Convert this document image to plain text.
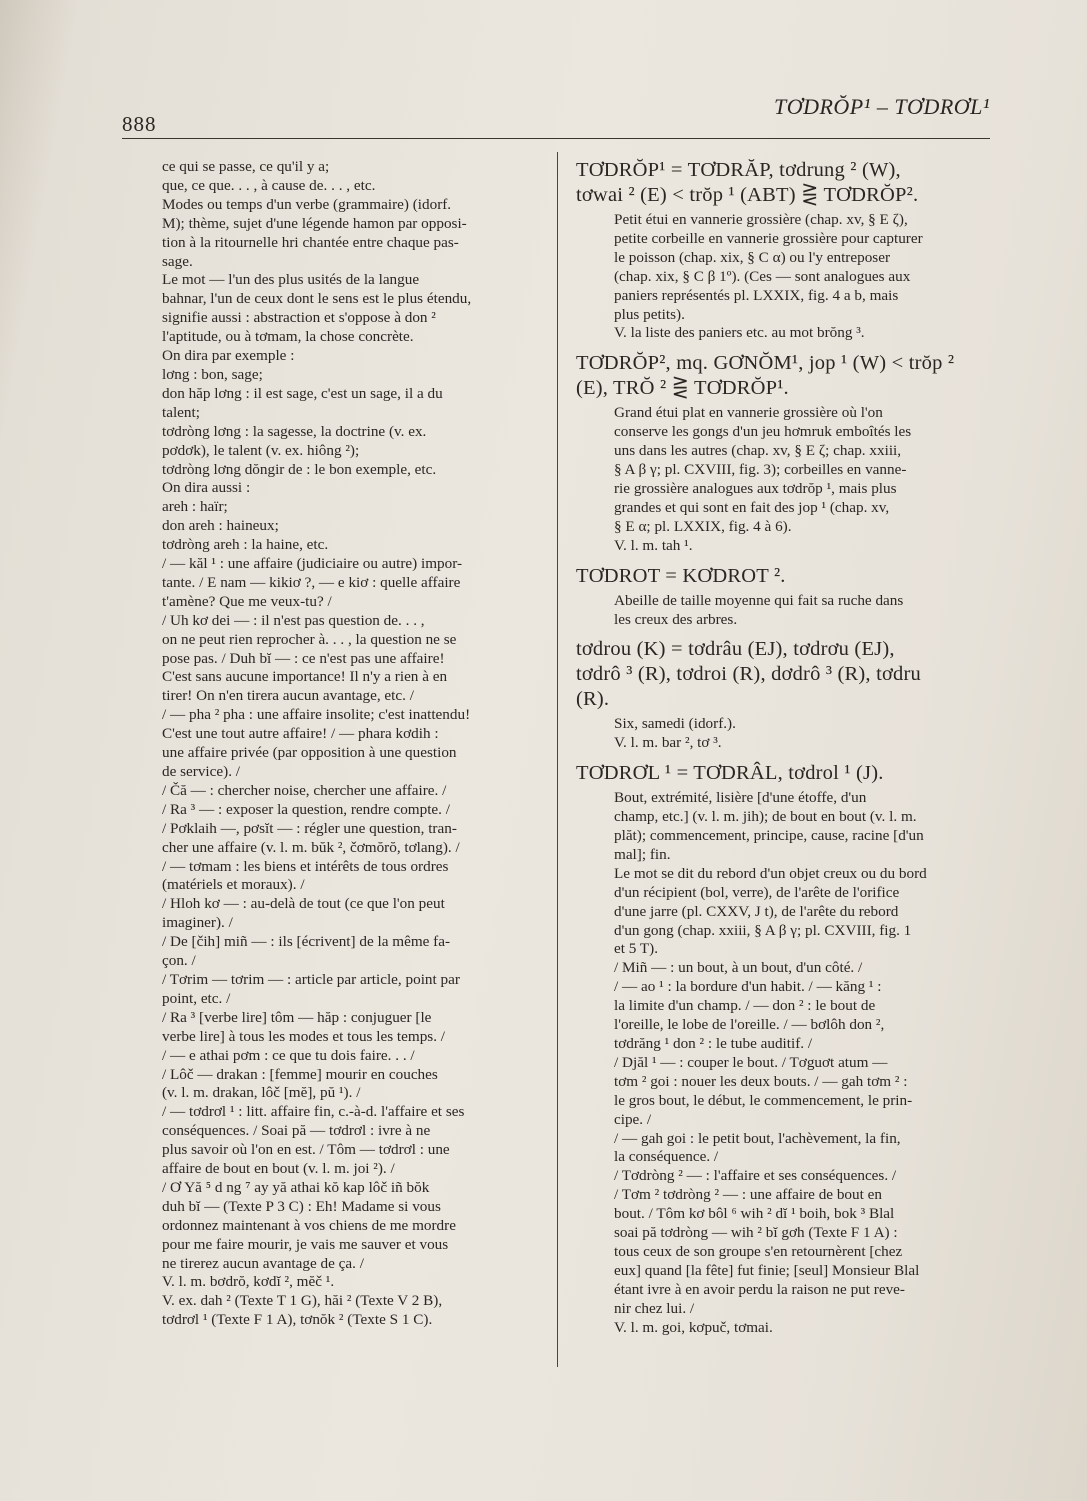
888
TƠDRŎP¹ – TƠDRƠL¹
ce qui se passe, ce qu'il y a;
que, ce que. . . , à cause de. . . , etc.
Modes ou temps d'un verbe (grammaire) (idorf.
M); thème, sujet d'une légende hamon par opposi-
tion à la ritournelle hri chantée entre chaque pas-
sage.
Le mot — l'un des plus usités de la langue
bahnar, l'un de ceux dont le sens est le plus étendu,
signifie aussi : abstraction et s'oppose à don ²
l'aptitude, ou à tơmam, la chose concrète.
On dira par exemple :
lơng : bon, sage;
don hăp lơng : il est sage, c'est un sage, il a du
talent;
tơdròng lơng : la sagesse, la doctrine (v. ex.
pơdơk), le talent (v. ex. hiông ²);
tơdròng lơng dŏngir de : le bon exemple, etc.
On dira aussi :
areh : haïr;
don areh : haineux;
tơdròng areh : la haine, etc.
/ — kăl ¹ : une affaire (judiciaire ou autre) impor-
tante. / E nam — kikiơ ?, — e kiơ : quelle affaire
t'amène? Que me veux-tu? /
/ Uh kơ dei — : il n'est pas question de. . . ,
on ne peut rien reprocher à. . . , la question ne se
pose pas. / Duh bĭ — : ce n'est pas une affaire!
C'est sans aucune importance! Il n'y a rien à en
tirer! On n'en tirera aucun avantage, etc. /
/ — pha ² pha : une affaire insolite; c'est inattendu!
C'est une tout autre affaire! / — phara kơdih :
une affaire privée (par opposition à une question
de service). /
/ Čă — : chercher noise, chercher une affaire. /
/ Ra ³ — : exposer la question, rendre compte. /
/ Pơklaih —, pơsĭt — : régler une question, tran-
cher une affaire (v. l. m. bŭk ², čơmŏrŏ, tơlang). /
/ — tơmam : les biens et intérêts de tous ordres
(matériels et moraux). /
/ Hloh kơ — : au-delà de tout (ce que l'on peut
imaginer). /
/ De [čih] miñ — : ils [écrivent] de la même fa-
çon. /
/ Tơrim — tơrim — : article par article, point par
point, etc. /
/ Ra ³ [verbe lire] tôm — hăp : conjuguer [le
verbe lire] à tous les modes et tous les temps. /
/ — e athai pơm : ce que tu dois faire. . . /
/ Lôč — drakan : [femme] mourir en couches
(v. l. m. drakan, lôč [mĕ], pŭ ¹). /
/ — tơdrơl ¹ : litt. affaire fin, c.-à-d. l'affaire et ses
conséquences. / Soai pă — tơdrơl : ivre à ne
plus savoir où l'on en est. / Tôm — tơdrơl : une
affaire de bout en bout (v. l. m. joi ²). /
/ Ơ Yă ⁵ d ng ⁷ ay yă athai kŏ kap lôč iñ bŏk
duh bĭ — (Texte P 3 C) : Eh! Madame si vous
ordonnez maintenant à vos chiens de me mordre
pour me faire mourir, je vais me sauver et vous
ne tirerez aucun avantage de ça. /
V. l. m. bơdrŏ, kơdĭ ², mĕč ¹.
V. ex. dah ² (Texte T 1 G), hăi ² (Texte V 2 B),
tơdrơl ¹ (Texte F 1 A), tơnŏk ² (Texte S 1 C).
TƠDRŎP¹ = TƠDRĂP, tơdrung ² (W),
tơwai ² (E) < trŏp ¹ (ABT) ⋛ TƠDRŎP².
Petit étui en vannerie grossière (chap. xv, § E ζ),
petite corbeille en vannerie grossière pour capturer
le poisson (chap. xix, § C α) ou l'y entreposer
(chap. xix, § C β 1º). (Ces — sont analogues aux
paniers représentés pl. LXXIX, fig. 4 a b, mais
plus petits).
V. la liste des paniers etc. au mot brŏng ³.
TƠDRŎP², mq. GƠNŎM¹, jop ¹ (W) < trŏp ²
(E), TRŎ ² ⋛ TƠDRŎP¹.
Grand étui plat en vannerie grossière où l'on
conserve les gongs d'un jeu hơmruk emboîtés les
uns dans les autres (chap. xv, § E ζ; chap. xxiii,
§ A β γ; pl. CXVIII, fig. 3); corbeilles en vanne-
rie grossière analogues aux tơdrŏp ¹, mais plus
grandes et qui sont en fait des jop ¹ (chap. xv,
§ E α; pl. LXXIX, fig. 4 à 6).
V. l. m. tah ¹.
TƠDROT = KƠDROT ².
Abeille de taille moyenne qui fait sa ruche dans
les creux des arbres.
tơdrou (K) = tơdrâu (EJ), tơdrơu (EJ),
tơdrô ³ (R), tơdroi (R), dơdrô ³ (R), tơdru
(R).
Six, samedi (idorf.).
V. l. m. bar ², tơ ³.
TƠDRƠL ¹ = TƠDRÂL, tơdrol ¹ (J).
Bout, extrémité, lisière [d'une étoffe, d'un
champ, etc.] (v. l. m. jih); de bout en bout (v. l. m.
plăt); commencement, principe, cause, racine [d'un
mal]; fin.
Le mot se dit du rebord d'un objet creux ou du bord
d'un récipient (bol, verre), de l'arête de l'orifice
d'une jarre (pl. CXXV, J t), de l'arête du rebord
d'un gong (chap. xxiii, § A β γ; pl. CXVIII, fig. 1
et 5 T).
/ Miñ — : un bout, à un bout, d'un côté. /
/ — ao ¹ : la bordure d'un habit. / — kăng ¹ :
la limite d'un champ. / — don ² : le bout de
l'oreille, le lobe de l'oreille. / — bơlôh don ²,
tơdrăng ¹ don ² : le tube auditif. /
/ Djăl ¹ — : couper le bout. / Tơguơt atum —
tơm ² goi : nouer les deux bouts. / — gah tơm ² :
le gros bout, le début, le commencement, le prin-
cipe. /
/ — gah goi : le petit bout, l'achèvement, la fin,
la conséquence. /
/ Tơdròng ² — : l'affaire et ses conséquences. /
/ Tơm ² tơdròng ² — : une affaire de bout en
bout. / Tôm kơ bôl ⁶ wih ² dĭ ¹ boih, bok ³ Blal
soai pă tơdròng — wih ² bĭ gơh (Texte F 1 A) :
tous ceux de son groupe s'en retournèrent [chez
eux] quand [la fête] fut finie; [seul] Monsieur Blal
étant ivre à en avoir perdu la raison ne put reve-
nir chez lui. /
V. l. m. goi, kơpuč, tơmai.
